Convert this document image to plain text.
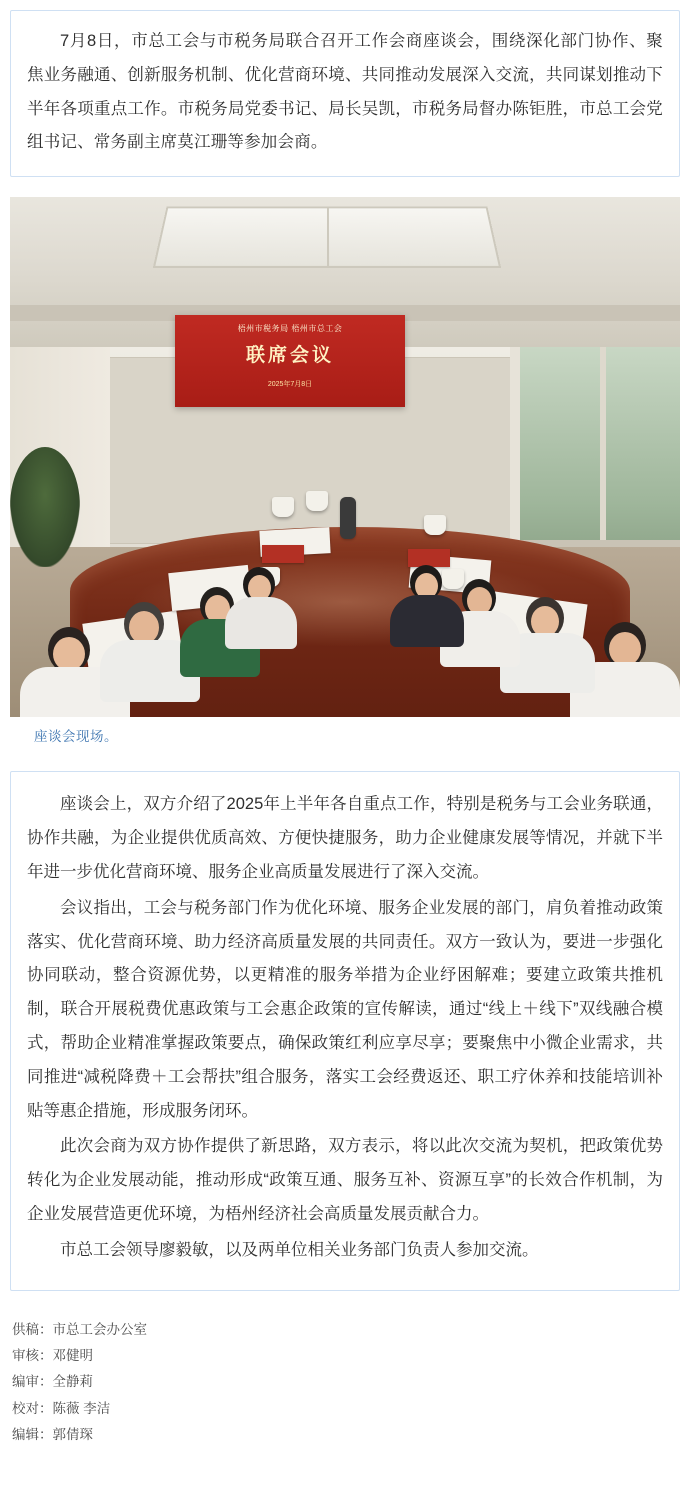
7月8日，市总工会与市税务局联合召开工作会商座谈会，围绕深化部门协作、聚焦业务融通、创新服务机制、优化营商环境、共同推动发展深入交流，共同谋划推动下半年各项重点工作。市税务局党委书记、局长吴凯，市税务局督办陈钜胜，市总工会党组书记、常务副主席莫江珊等参加会商。

梧州市税务局 梧州市总工会
联席会议
2025年7月8日
座谈会现场。

座谈会上，双方介绍了2025年上半年各自重点工作，特别是税务与工会业务联通，协作共融，为企业提供优质高效、方便快捷服务，助力企业健康发展等情况，并就下半年进一步优化营商环境、服务企业高质量发展进行了深入交流。

会议指出，工会与税务部门作为优化环境、服务企业发展的部门，肩负着推动政策落实、优化营商环境、助力经济高质量发展的共同责任。双方一致认为，要进一步强化协同联动，整合资源优势，以更精准的服务举措为企业纾困解难；要建立政策共推机制，联合开展税费优惠政策与工会惠企政策的宣传解读，通过“线上＋线下”双线融合模式，帮助企业精准掌握政策要点，确保政策红利应享尽享；要聚焦中小微企业需求，共同推进“减税降费＋工会帮扶”组合服务，落实工会经费返还、职工疗休养和技能培训补贴等惠企措施，形成服务闭环。

此次会商为双方协作提供了新思路，双方表示，将以此次交流为契机，把政策优势转化为企业发展动能，推动形成“政策互通、服务互补、资源互享”的长效合作机制，为企业发展营造更优环境，为梧州经济社会高质量发展贡献合力。

市总工会领导廖毅敏，以及两单位相关业务部门负责人参加交流。

供稿：市总工会办公室
审核：邓健明
编审：全静莉
校对：陈薇 李洁
编辑：郭倩琛
